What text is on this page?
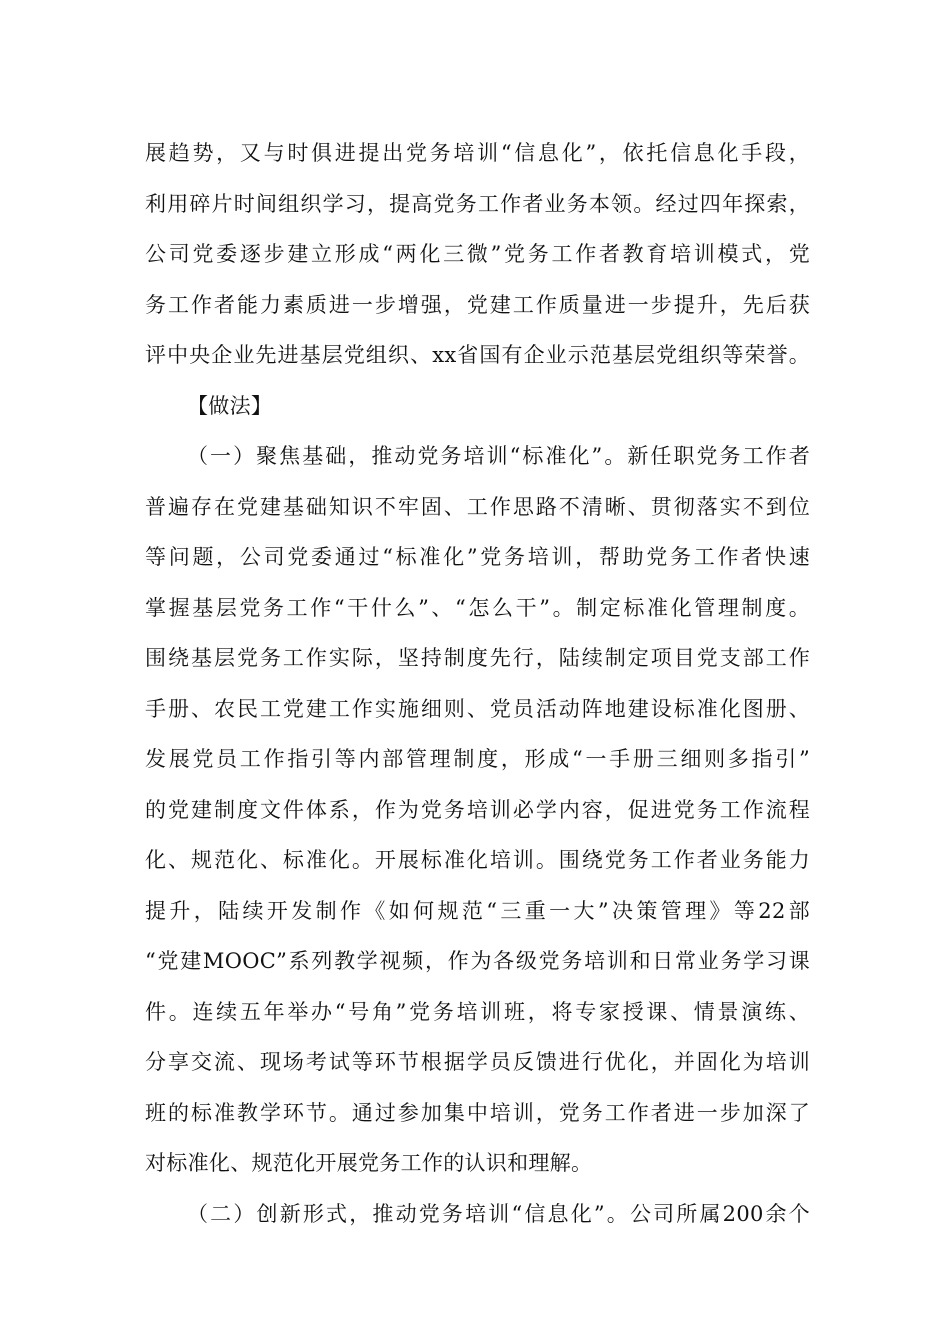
展趋势，又与时俱进提出党务培训“信息化”，依托信息化手段，
利用碎片时间组织学习，提高党务工作者业务本领。经过四年探索，
公司党委逐步建立形成“两化三微”党务工作者教育培训模式，党
务工作者能力素质进一步增强，党建工作质量进一步提升，先后获
评中央企业先进基层党组织、xx省国有企业示范基层党组织等荣誉。
【做法】
（一）聚焦基础，推动党务培训“标准化”。新任职党务工作者
普遍存在党建基础知识不牢固、工作思路不清晰、贯彻落实不到位
等问题，公司党委通过“标准化”党务培训，帮助党务工作者快速
掌握基层党务工作“干什么”、“怎么干”。制定标准化管理制度。
围绕基层党务工作实际，坚持制度先行，陆续制定项目党支部工作
手册、农民工党建工作实施细则、党员活动阵地建设标准化图册、
发展党员工作指引等内部管理制度，形成“一手册三细则多指引”
的党建制度文件体系，作为党务培训必学内容，促进党务工作流程
化、规范化、标准化。开展标准化培训。围绕党务工作者业务能力
提升，陆续开发制作《如何规范“三重一大”决策管理》等22部
“党建MOOC”系列教学视频，作为各级党务培训和日常业务学习课
件。连续五年举办“号角”党务培训班，将专家授课、情景演练、
分享交流、现场考试等环节根据学员反馈进行优化，并固化为培训
班的标准教学环节。通过参加集中培训，党务工作者进一步加深了
对标准化、规范化开展党务工作的认识和理解。
（二）创新形式，推动党务培训“信息化”。公司所属200余个
